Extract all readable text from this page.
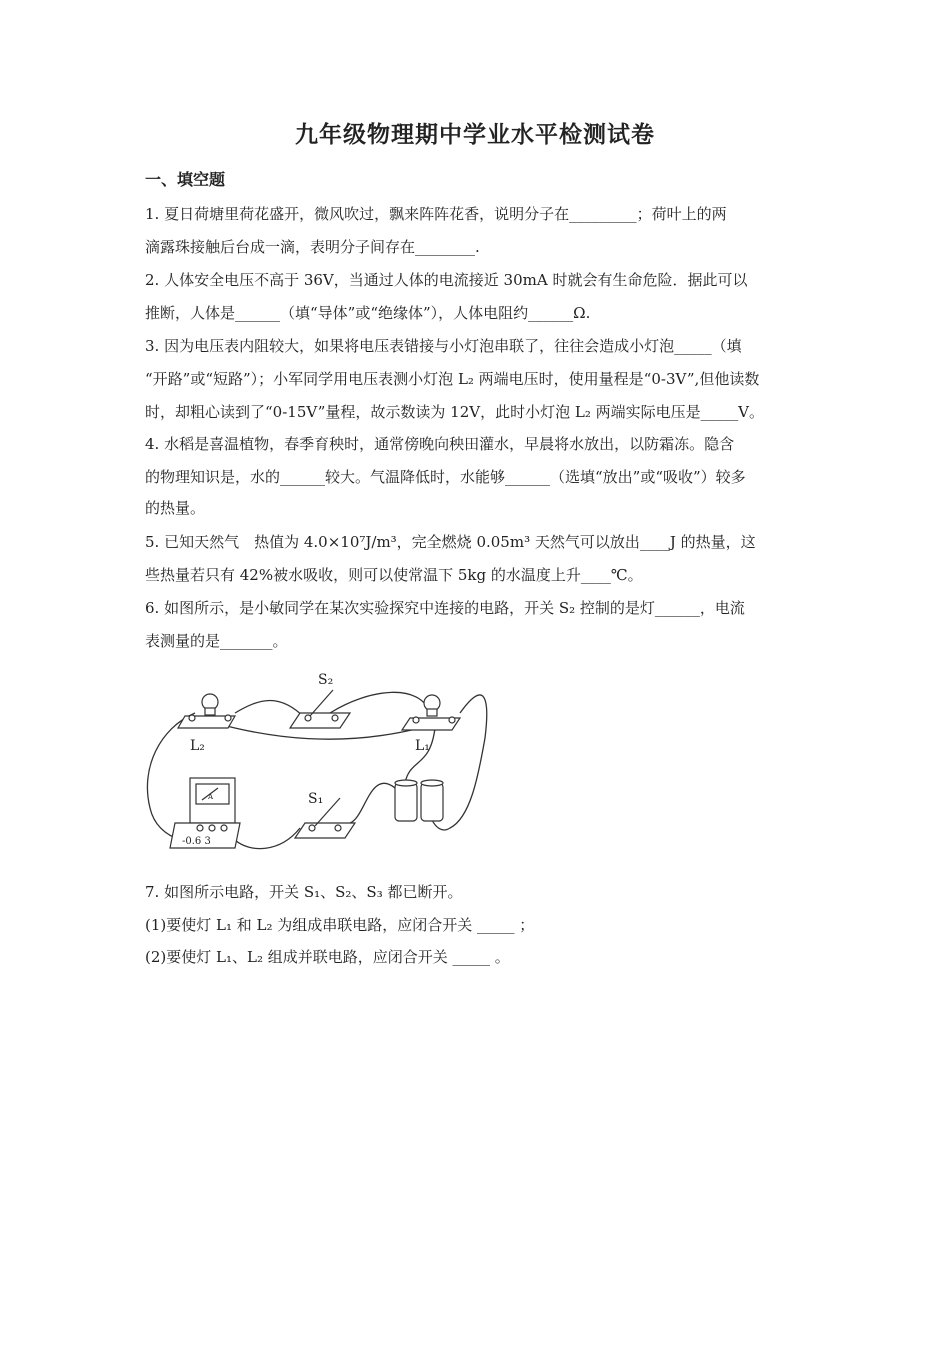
九年级物理期中学业水平检测试卷
一、填空题
1. 夏日荷塘里荷花盛开，微风吹过，飘来阵阵花香，说明分子在_________；荷叶上的两
滴露珠接触后台成一滴，表明分子间存在________.
2. 人体安全电压不高于 36V，当通过人体的电流接近 30mA 时就会有生命危险．据此可以
推断，人体是______（填“导体”或“绝缘体”），人体电阻约______Ω.
3. 因为电压表内阻较大，如果将电压表错接与小灯泡串联了，往往会造成小灯泡_____（填
“开路”或“短路”）；小军同学用电压表测小灯泡 L₂ 两端电压时，使用量程是“0-3V”,但他读数
时，却粗心读到了“0-15V”量程，故示数读为 12V，此时小灯泡 L₂ 两端实际电压是_____V。
4. 水稻是喜温植物，春季育秧时，通常傍晚向秧田灌水，早晨将水放出，以防霜冻。隐含
的物理知识是，水的______较大。气温降低时，水能够______（选填“放出”或“吸收”）较多
的热量。
5. 已知天然气　热值为 4.0×10⁷J/m³，完全燃烧 0.05m³ 天然气可以放出____J 的热量，这
些热量若只有 42%被水吸收，则可以使常温下 5kg 的水温度上升____℃。
6. 如图所示，是小敏同学在某次实验探究中连接的电路，开关 S₂ 控制的是灯______，电流
表测量的是_______。
S₂
L₂	L₁
S₁
A
-0.6 3
7. 如图所示电路，开关 S₁、S₂、S₃ 都已断开。
(1)要使灯 L₁ 和 L₂ 为组成串联电路，应闭合开关 _____ ；
(2)要使灯 L₁、L₂ 组成并联电路，应闭合开关 _____ 。
